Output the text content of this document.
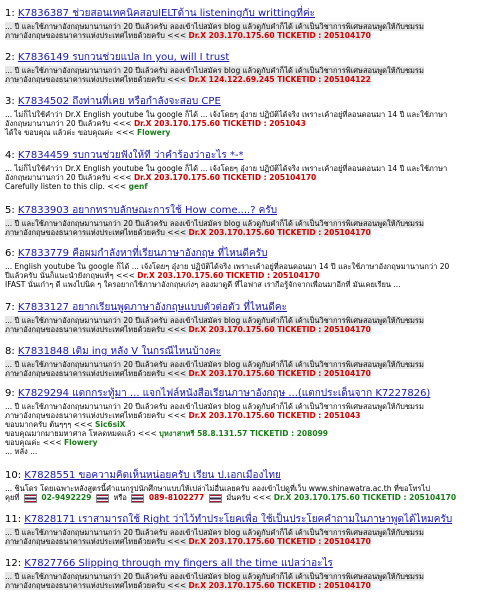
1: K7836387 ช่วยสอนเทคนิคสอบIELTด้าน listeningกับ writtingที่ค่ะ
... ปี และใช้ภาษาอังกฤษมานานกว่า 20 ปีแล้วครับ ลองเข้าไปสมัคร blog แล้วดูกับคำก็ได้ เค้าเป็นวิชาการพิเศษสอนพูดให้กับชมรม
ภาษาอังกฤษของธนาคารแห่งประเทศไทยด้วยครับ <<< Dr.X 203.170.175.60 TICKETID : 205104170
2: K7836149 รบกวนช่วยแปล In you, will I trust
... ปี และใช้ภาษาอังกฤษมานานกว่า 20 ปีแล้วครับ ลองเข้าไปสมัคร blog แล้วดูกับคำก็ได้ เค้าเป็นวิชาการพิเศษสอนพูดให้กับชมรม
ภาษาอังกฤษของธนาคารแห่งประเทศไทยด้วยครับ <<< Dr.X 124.122.69.245 TICKETID : 205104122
3: K7834502 ถึงท่านที่เคย หรือกำลังจะสอบ CPE
... ไม่ก็ไปใช้คำว่า Dr.X English youtube ใน google ก็ได้ ... เจ้งโดยๆ อุ๋งาย ปฏิบัติได้จริง เพราะเค้าอยู่ที่ลอนดอนมา 14 ปี และใช้ภาษา
อังกฤษมานานกว่า 20 ปีแล้วครับ <<< Dr.X 203.170.175.60 TICKETID : 2051043
ได้ใจ ขอบคุณ แล้วค่ะ ขอบคุณค่ะ <<< Flowery
4: K7834459 รบกวนช่วยฟังให้ที ว่าคำร้องว่าอะไร *-*
... ไม่ก็ไปใช้คำว่า Dr.X English youtube ใน google ก็ได้ ... เจ้งโดยๆ อุ๋งาย ปฏิบัติได้จริง เพราะเค้าอยู่ที่ลอนดอนมา 14 ปี และใช้ภาษา
อังกฤษมานานกว่า 20 ปีแล้วครับ <<< Dr.X 203.170.175.60 TICKETID : 205104170
Carefully listen to this clip. <<< genf
5: K7833903 อยากทราบลักษณะการใช้ How come....? ครับ
... ปี และใช้ภาษาอังกฤษมานานกว่า 20 ปีแล้วครับ ลองเข้าไปสมัคร blog แล้วดูกับคำก็ได้ เค้าเป็นวิชาการพิเศษสอนพูดให้กับชมรม
ภาษาอังกฤษของธนาคารแห่งประเทศไทยด้วยครับ <<< Dr.X 203.170.175.60 TICKETID : 205104170
6: K7833779 คือผมกำลังหาที่เรียนภาษาอังกฤษ ที่ไหนดีครับ
... English youtube ใน google ก็ได้ ... เจ้งโดยๆ อุ๋งาย ปฏิบัติได้จริง เพราะเค้าอยู่ที่ลอนดอนมา 14 ปี และใช้ภาษาอังกฤษมานานกว่า 20
ปีแล้วครับ นั่นก็แนะนำยังกฤษแท้ๆ <<< Dr.X 203.170.175.60 TICKETID : 205104170
IFAST นั่นเก๋าๆ ดี แพงไปนิด ๆ ใครอยากใช้ภาษาอังกฤษเก่งๆ ลองมาดูดี ที่ไอฟาส เรากีอรู้จักจากเพื่อนมาอีกที่ มันเคยเรียน ...
7: K7833127 อยากเรียนพูดภาษาอังกฤษแบบตัวต่อตัว ที่ไหนดีคะ
... ปี และใช้ภาษาอังกฤษมานานกว่า 20 ปีแล้วครับ ลองเข้าไปสมัคร blog แล้วดูกับคำก็ได้ เค้าเป็นวิชาการพิเศษสอนพูดให้กับชมรม
ภาษาอังกฤษของธนาคารแห่งประเทศไทยด้วยครับ <<< Dr.X 203.170.175.60 TICKETID : 205104170
8: K7831848 เติม ing หลัง V ในกรณีไหนบ้างคะ
... ปี และใช้ภาษาอังกฤษมานานกว่า 20 ปีแล้วครับ ลองเข้าไปสมัคร blog แล้วดูกับคำก็ได้ เค้าเป็นวิชาการพิเศษสอนพูดให้กับชมรม
ภาษาอังกฤษของธนาคารแห่งประเทศไทยด้วยครับ <<< Dr.X 203.170.175.60 TICKETID : 205104170
9: K7829294 แตกกระทู้มา ... แจกไฟล์หนังสือเรียนภาษาอังกฤษ ...(แตกประเด็นจาก K7227826)
... ปี และใช้ภาษาอังกฤษมานานกว่า 20 ปีแล้วครับ ลองเข้าไปสมัคร blog แล้วดูกับคำก็ได้ เค้าเป็นวิชาการพิเศษสอนพูดให้กับชมรม
ภาษาอังกฤษของธนาคารแห่งประเทศไทยด้วยครับ <<< Dr.X 203.170.175.60 TICKETID : 2051043
ขอบมากครับ ต้นๆๆๆ <<< Sic6siX
ขอบคุณมากมายมหาศาล โหลดหมดแล้ว <<< บุหงาสาหรี 58.8.131.57 TICKETID : 208099
ขอบคุณค่ะ <<< Flowery
... หลัง ...
10: K7828551 ขอความคิดเห็นหน่อยครับ เรียน ป.เอกเมืองไทย
... ชินโดร โดยเฉพาะหลังสูตรนี้คำแนกรูปนักศึกษาแบบให้เปล่าไม่อื่นเลยครับ ลองเข้าไปดูที่เว็บ www.shinawatra.ac.th ที่ขอโทรไป
คุยที่  02-9492229  หรือ  089-8102277  มั่นครับ <<< Dr.X 203.170.175.60 TICKETID : 205104170
11: K7828171 เราสามารถใช้ Right ว่าไว้ทำประโยคเพื่อ ใช้เป็นประโยคคำถามในภาษาพูดได้ไหมครับ
... ปี และใช้ภาษาอังกฤษมานานกว่า 20 ปีแล้วครับ ลองเข้าไปสมัคร blog แล้วดูกับคำก็ได้ เค้าเป็นวิชาการพิเศษสอนพูดให้กับชมรม
ภาษาอังกฤษของธนาคารแห่งประเทศไทยด้วยครับ <<< Dr.X 203.170.175.60 TICKETID : 205104170
12: K7827766 Slipping through my fingers all the time แปลว่าอะไร
... ปี และใช้ภาษาอังกฤษมานานกว่า 20 ปีแล้วครับ ลองเข้าไปสมัคร blog แล้วดูกับคำก็ได้ เค้าเป็นวิชาการพิเศษสอนพูดให้กับชมรม
ภาษาอังกฤษของธนาคารแห่งประเทศไทยด้วยครับ <<< Dr.X 203.170.175.60 TICKETID : 205104170
